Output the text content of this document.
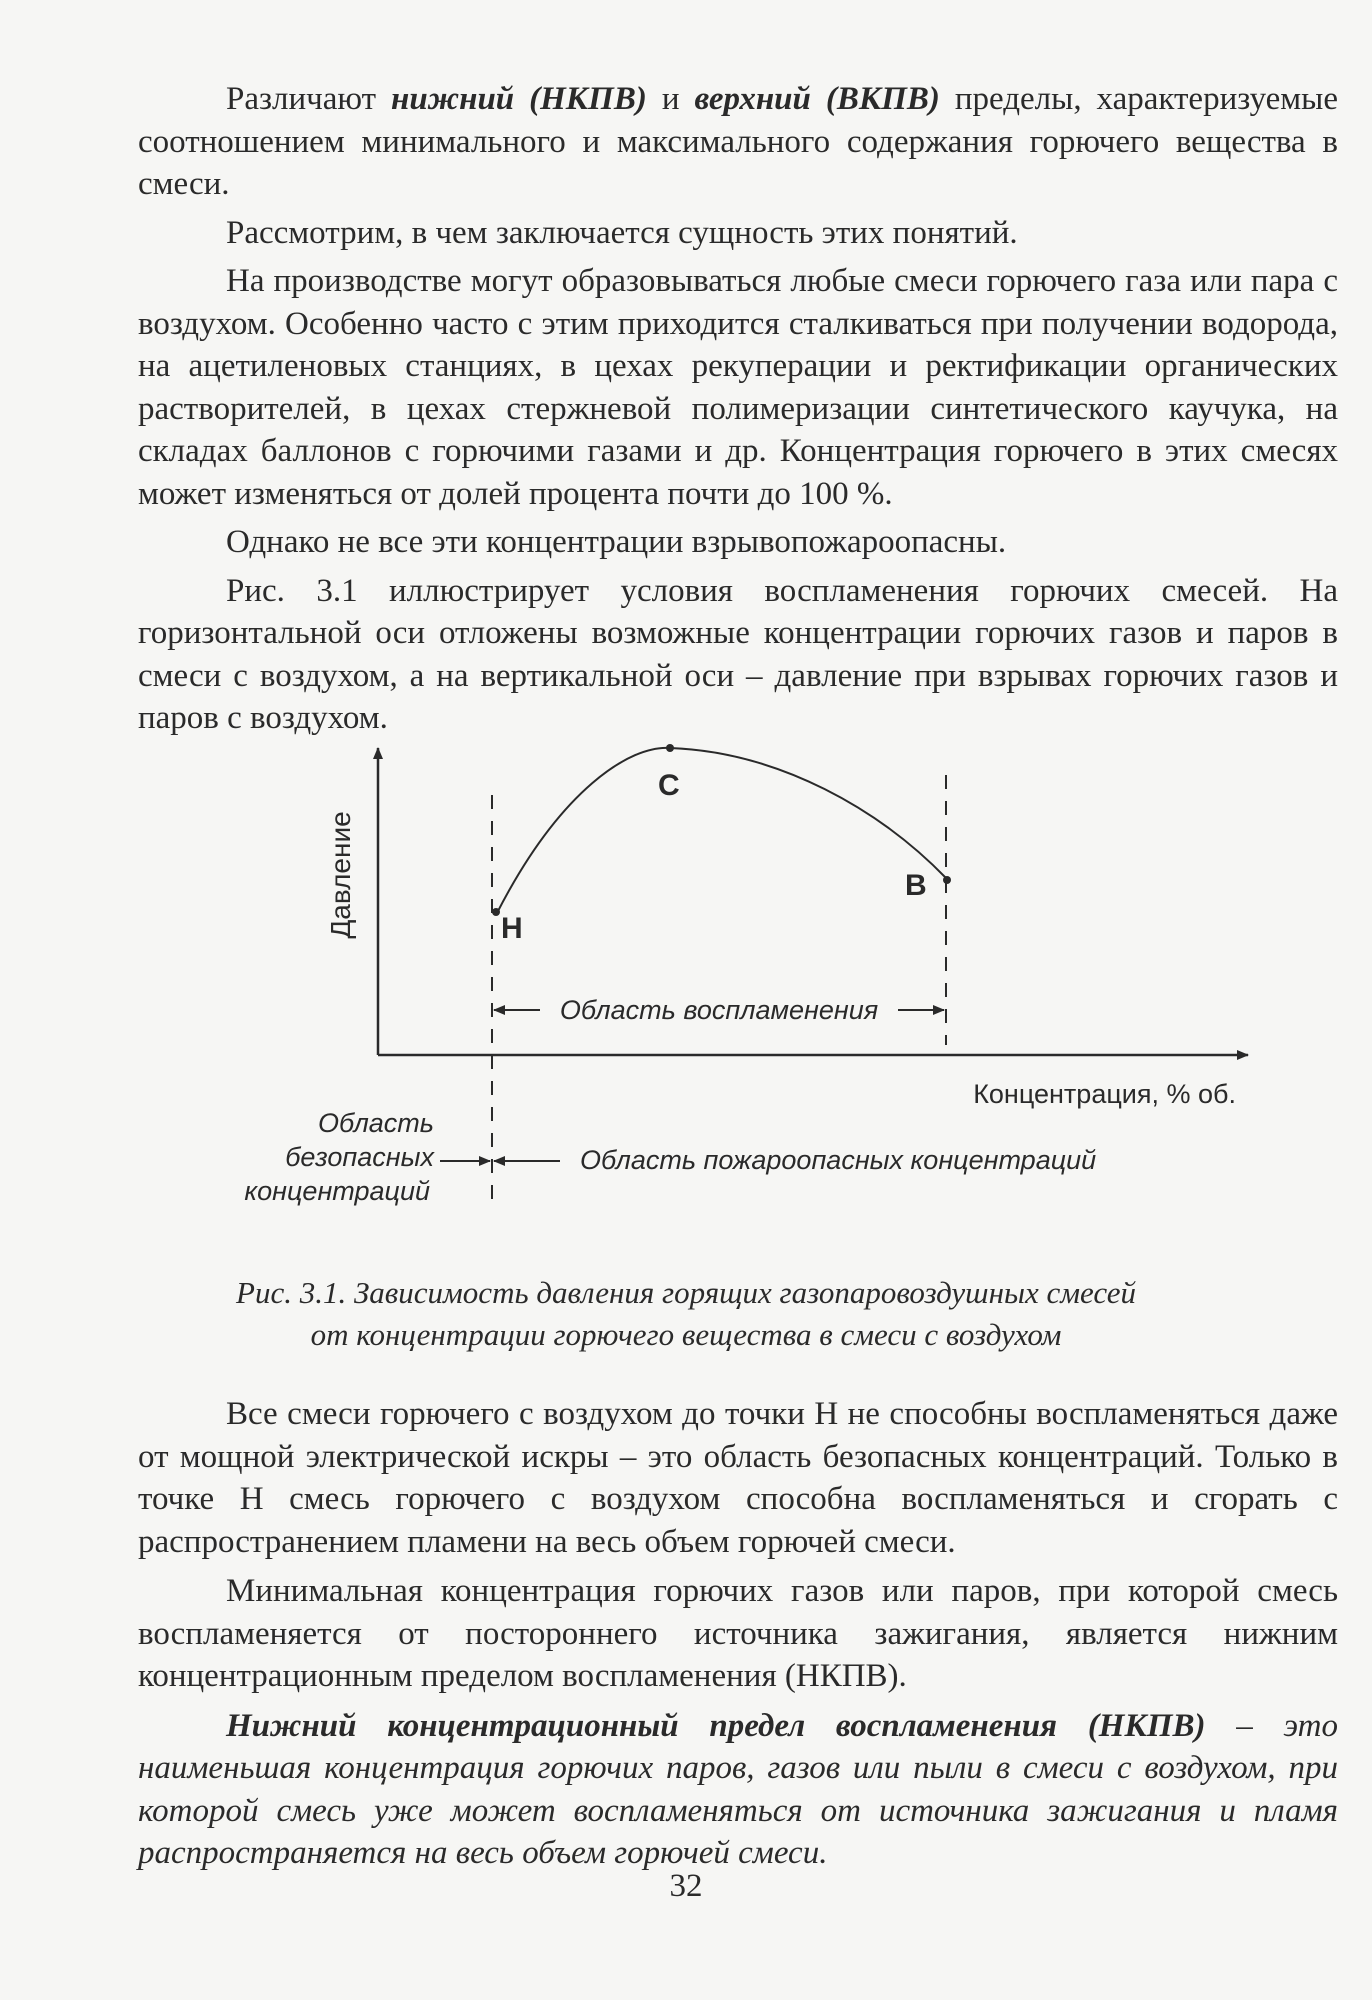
Различают нижний (НКПВ) и верхний (ВКПВ) пределы, характеризуемые соотношением минимального и максимального содержания горючего вещества в смеси.

Рассмотрим, в чем заключается сущность этих понятий.

На производстве могут образовываться любые смеси горючего газа или пара с воздухом. Особенно часто с этим приходится сталкиваться при получении водорода, на ацетиленовых станциях, в цехах рекуперации и ректификации органических растворителей, в цехах стержневой полимеризации синтетического каучука, на складах баллонов с горючими газами и др. Концентрация горючего в этих смесях может изменяться от долей процента почти до 100 %.

Однако не все эти концентрации взрывопожароопасны.

Рис. 3.1 иллюстрирует условия воспламенения горючих смесей. На горизонтальной оси отложены возможные концентрации горючих газов и паров в смеси с воздухом, а на вертикальной оси – давление при взрывах горючих газов и паров с воздухом.

Давление
Концентрация, % об.
С
В
Н
Область воспламенения
Область
безопасных
концентраций
Область пожароопасных концентраций
Рис. 3.1. Зависимость давления горящих газопаровоздушных смесей
от концентрации горючего вещества в смеси с воздухом

Все смеси горючего с воздухом до точки Н не способны воспламеняться даже от мощной электрической искры – это область безопасных концентраций. Только в точке Н смесь горючего с воздухом способна воспламеняться и сгорать с распространением пламени на весь объем горючей смеси.

Минимальная концентрация горючих газов или паров, при которой смесь воспламеняется от постороннего источника зажигания, является нижним концентрационным пределом воспламенения (НКПВ).

Нижний концентрационный предел воспламенения (НКПВ) – это наименьшая концентрация горючих паров, газов или пыли в смеси с воздухом, при которой смесь уже может воспламеняться от источника зажигания и пламя распространяется на весь объем горючей смеси.

32
